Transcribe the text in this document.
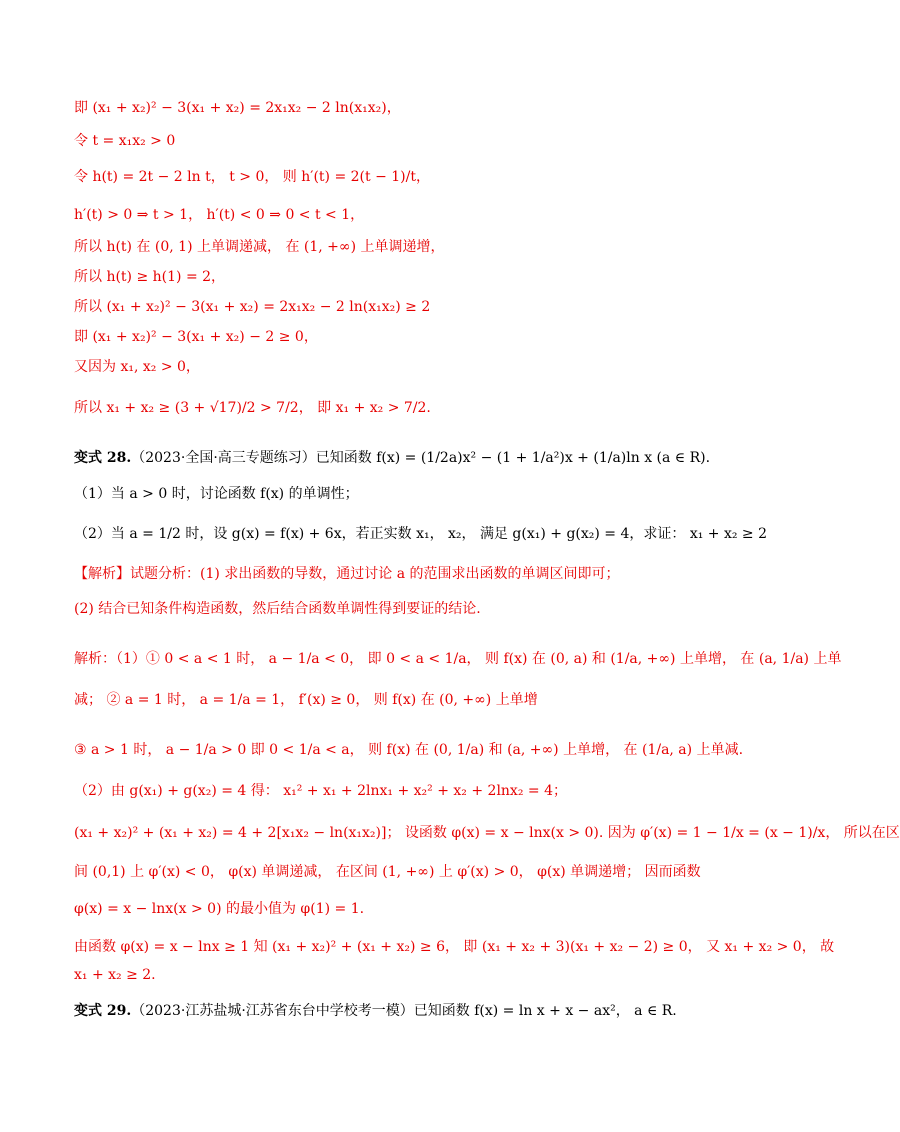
即 (x₁ + x₂)² − 3(x₁ + x₂) = 2x₁x₂ − 2 ln(x₁x₂)，
令 t = x₁x₂ > 0
令 h(t) = 2t − 2 ln t， t > 0， 则 h′(t) = 2(t − 1)/t，
h′(t) > 0 ⇒ t > 1， h′(t) < 0 ⇒ 0 < t < 1，
所以 h(t) 在 (0, 1) 上单调递减， 在 (1, +∞) 上单调递增，
所以 h(t) ≥ h(1) = 2，
所以 (x₁ + x₂)² − 3(x₁ + x₂) = 2x₁x₂ − 2 ln(x₁x₂) ≥ 2
即 (x₁ + x₂)² − 3(x₁ + x₂) − 2 ≥ 0，
又因为 x₁, x₂ > 0，
所以 x₁ + x₂ ≥ (3 + √17)/2 > 7/2， 即 x₁ + x₂ > 7/2.
变式 28.（2023·全国·高三专题练习）已知函数 f(x) = (1/2a)x² − (1 + 1/a²)x + (1/a)ln x (a ∈ R).
（1）当 a > 0 时，讨论函数 f(x) 的单调性；
（2）当 a = 1/2 时，设 g(x) = f(x) + 6x，若正实数 x₁， x₂， 满足 g(x₁) + g(x₂) = 4，求证： x₁ + x₂ ≥ 2
【解析】试题分析：(1) 求出函数的导数，通过讨论 a 的范围求出函数的单调区间即可；
(2) 结合已知条件构造函数，然后结合函数单调性得到要证的结论.
解析：（1）① 0 < a < 1 时， a − 1/a < 0， 即 0 < a < 1/a， 则 f(x) 在 (0, a) 和 (1/a, +∞) 上单增， 在 (a, 1/a) 上单
减； ② a = 1 时， a = 1/a = 1， f′(x) ≥ 0， 则 f(x) 在 (0, +∞) 上单增
③ a > 1 时， a − 1/a > 0 即 0 < 1/a < a， 则 f(x) 在 (0, 1/a) 和 (a, +∞) 上单增， 在 (1/a, a) 上单减.
（2）由 g(x₁) + g(x₂) = 4 得： x₁² + x₁ + 2lnx₁ + x₂² + x₂ + 2lnx₂ = 4；
(x₁ + x₂)² + (x₁ + x₂) = 4 + 2[x₁x₂ − ln(x₁x₂)]； 设函数 φ(x) = x − lnx(x > 0). 因为 φ′(x) = 1 − 1/x = (x − 1)/x， 所以在区
间 (0,1) 上 φ′(x) < 0， φ(x) 单调递减， 在区间 (1, +∞) 上 φ′(x) > 0， φ(x) 单调递增； 因而函数
φ(x) = x − lnx(x > 0) 的最小值为 φ(1) = 1.
由函数 φ(x) = x − lnx ≥ 1 知 (x₁ + x₂)² + (x₁ + x₂) ≥ 6， 即 (x₁ + x₂ + 3)(x₁ + x₂ − 2) ≥ 0， 又 x₁ + x₂ > 0， 故
x₁ + x₂ ≥ 2.
变式 29.（2023·江苏盐城·江苏省东台中学校考一模）已知函数 f(x) = ln x + x − ax²， a ∈ R.
